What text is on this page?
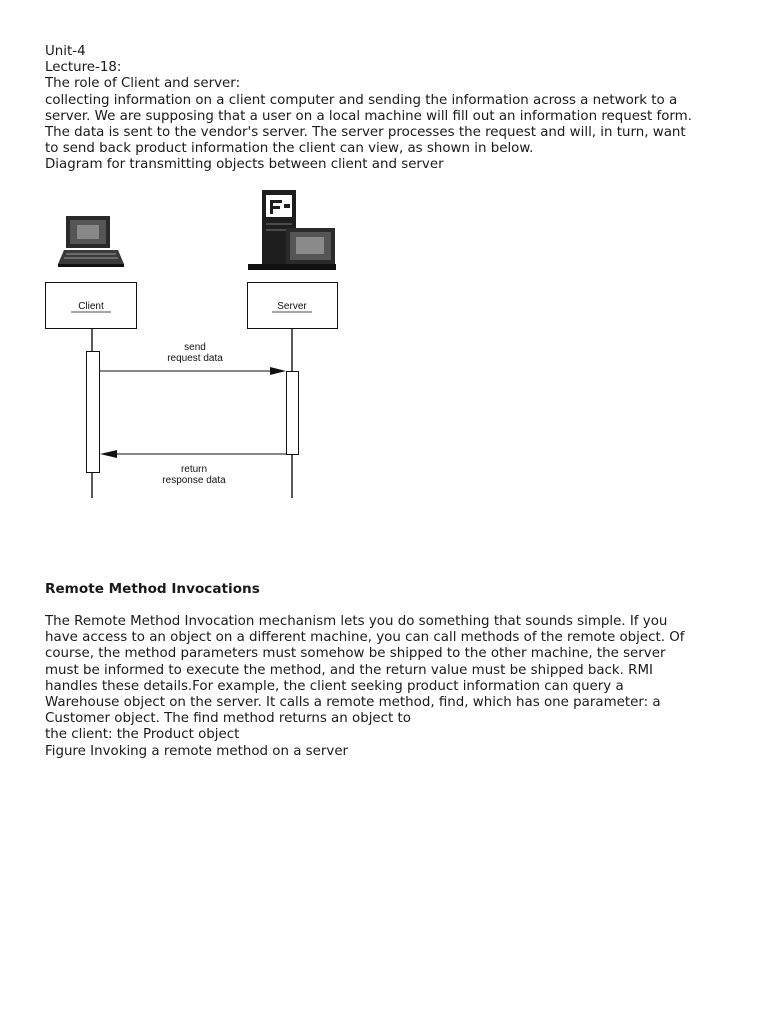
Unit-4
Lecture-18:
The role of Client and server:
collecting information on a client computer and sending the information across a network to a
server. We are supposing that a user on a local machine will fill out an information request form.
The data is sent to the vendor's server. The server processes the request and will, in turn, want
to send back product information the client can view, as shown in below.
Diagram for transmitting objects between client and server
Client	Server
send
request data
return
response data
Remote Method Invocations
The Remote Method Invocation mechanism lets you do something that sounds simple. If you
have access to an object on a different machine, you can call methods of the remote object. Of
course, the method parameters must somehow be shipped to the other machine, the server
must be informed to execute the method, and the return value must be shipped back. RMI
handles these details.For example, the client seeking product information can query a
Warehouse object on the server. It calls a remote method, find, which has one parameter: a
Customer object. The find method returns an object to
the client: the Product object
Figure Invoking a remote method on a server
